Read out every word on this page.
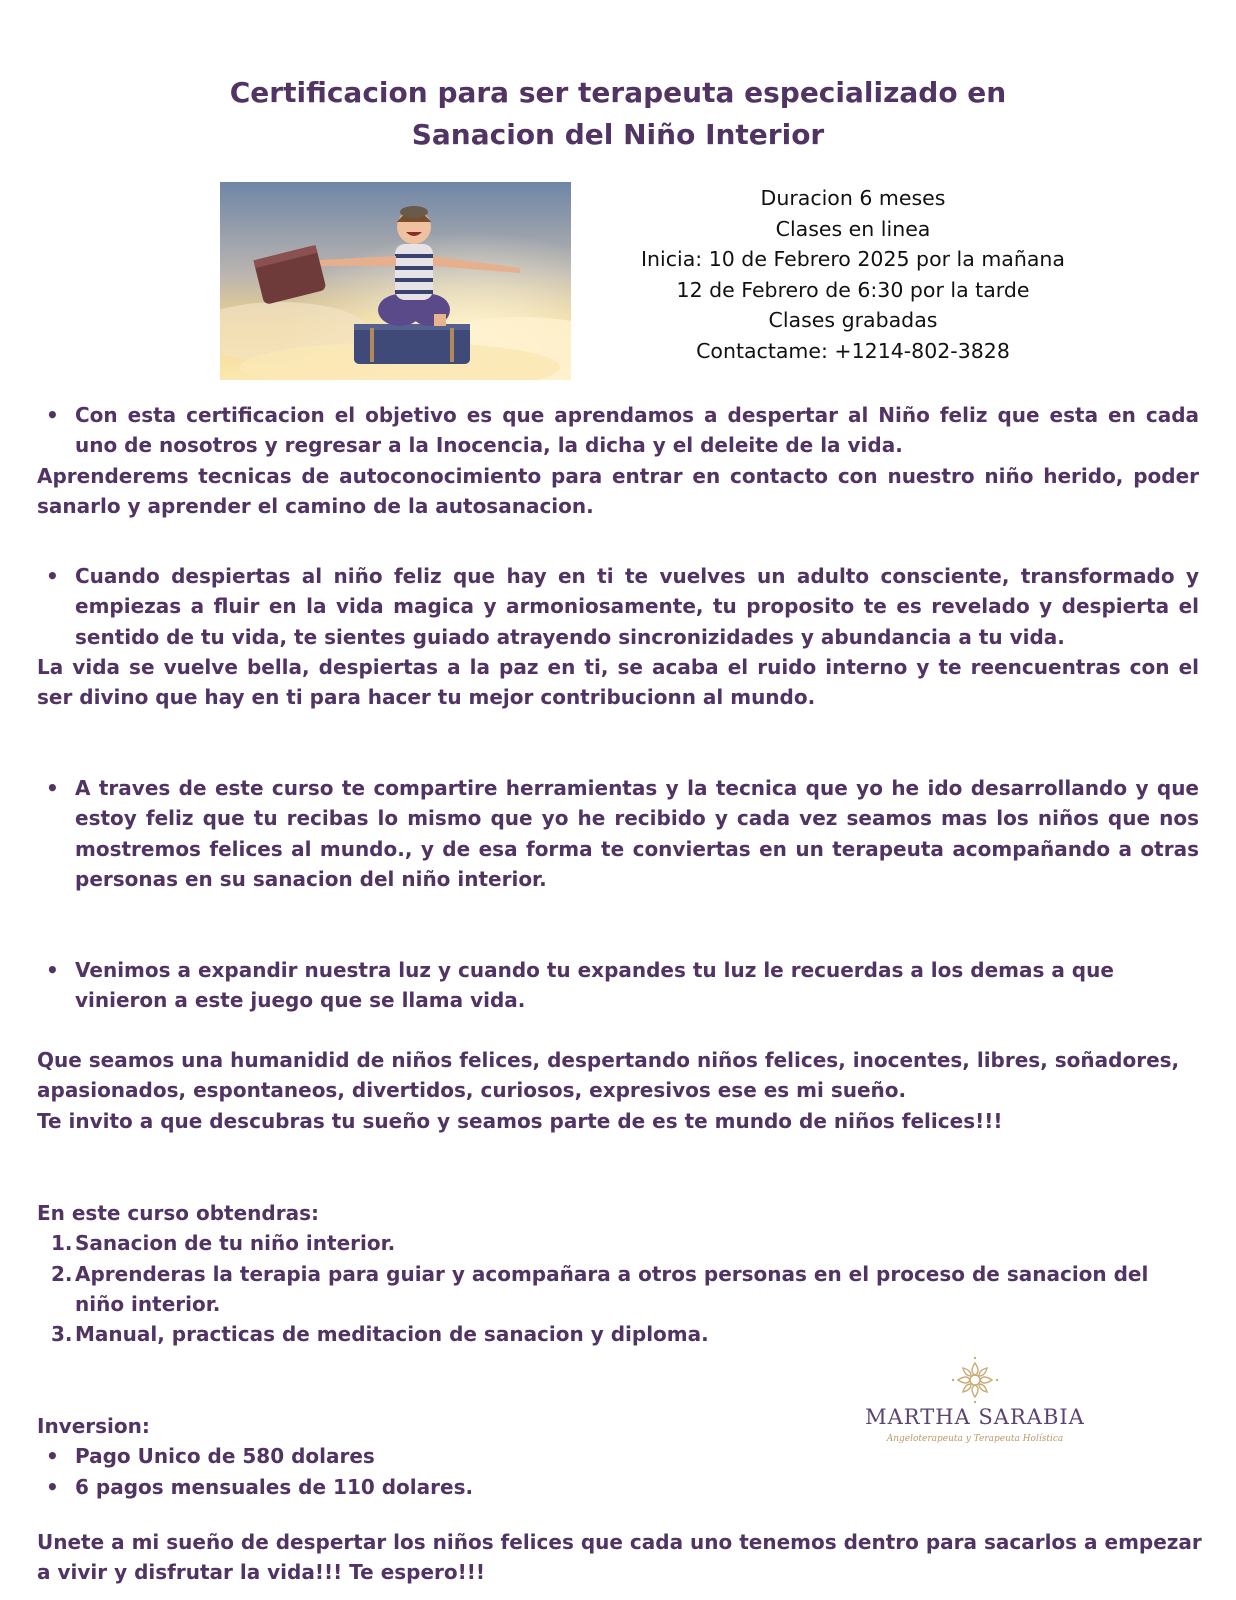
Certificacion para ser terapeuta especializado en
Sanacion del Niño Interior
Duracion 6 meses
Clases en linea
Inicia: 10 de Febrero 2025 por la mañana
12 de Febrero de 6:30 por la tarde
Clases grabadas
Contactame: +1214-802-3828

• Con esta certificacion el objetivo es que aprendamos a despertar al Niño feliz que esta en cada uno de nosotros y regresar a la Inocencia, la dicha y el deleite de la vida.

Aprenderems tecnicas de autoconocimiento para entrar en contacto con nuestro niño herido, poder sanarlo y aprender el camino de la autosanacion.

• Cuando despiertas al niño feliz que hay en ti te vuelves un adulto consciente, transformado y empiezas a fluir en la vida magica y armoniosamente, tu proposito te es revelado y despierta el sentido de tu vida, te sientes guiado atrayendo sincronizidades y abundancia a tu vida.

La vida se vuelve bella, despiertas a la paz en ti, se acaba el ruido interno y te reencuentras con el ser divino que hay en ti para hacer tu mejor contribucionn al mundo.

• A traves de este curso te compartire herramientas y la tecnica que yo he ido desarrollando y que estoy feliz que tu recibas lo mismo que yo he recibido y cada vez seamos mas los niños que nos mostremos felices al mundo., y de esa forma te conviertas en un terapeuta acompañando a otras personas en su sanacion del niño interior.

• Venimos a expandir nuestra luz y cuando tu expandes tu luz le recuerdas a los demas a que vinieron a este juego que se llama vida.

Que seamos una humanidid de niños felices, despertando niños felices, inocentes, libres, soñadores,
apasionados, espontaneos, divertidos, curiosos, expresivos ese es mi sueño.
Te invito a que descubras tu sueño y seamos parte de es te mundo de niños felices!!!
En este curso obtendras:
1. Sanacion de tu niño interior.
2. Aprenderas la terapia para guiar y acompañara a otros personas en el proceso de sanacion del niño interior.
3. Manual, practicas de meditacion de sanacion y diploma.
Inversion:
• Pago Unico de 580 dolares
• 6 pagos mensuales de 110 dolares.

Unete a mi sueño de despertar los niños felices que cada uno tenemos dentro para sacarlos a empezar a vivir y disfrutar la vida!!! Te espero!!!

MARTHA SARABIA
Angeloterapeuta y Terapeuta Holística
